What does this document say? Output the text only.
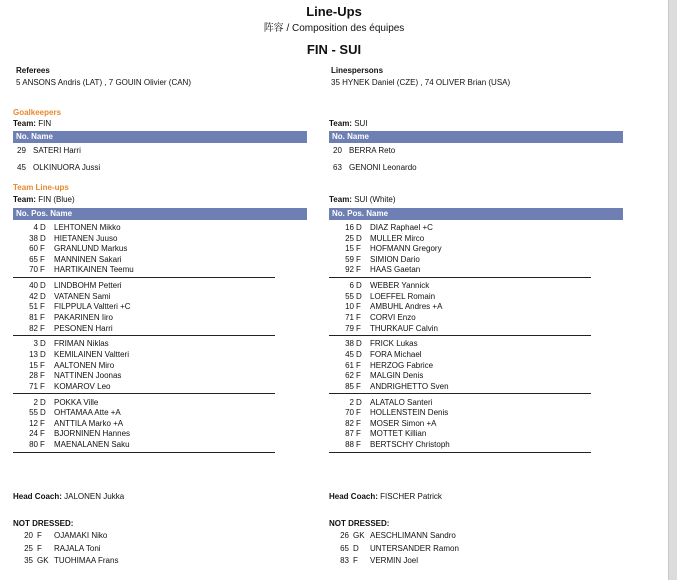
Line-Ups
阵容 / Composition des équipes
FIN - SUI
Referees
5 ANSONS Andris (LAT) , 7 GOUIN Olivier (CAN)
Linespersons
35 HYNEK Daniel (CZE) , 74 OLIVER Brian (USA)
Goalkeepers
Team: FIN
No. Name
29 SATERI Harri
45 OLKINUORA Jussi
Team: SUI
No. Name
20 BERRA Reto
63 GENONI Leonardo
Team Line-ups
Team: FIN (Blue)
No. Pos. Name
4 D LEHTONEN Mikko
38 D HIETANEN Juuso
60 F GRANLUND Markus
65 F MANNINEN Sakari
70 F HARTIKAINEN Teemu
40 D LINDBOHM Petteri
42 D VATANEN Sami
51 F FILPPULA Valtteri +C
81 F PAKARINEN Iiro
82 F PESONEN Harri
3 D FRIMAN Niklas
13 D KEMILAINEN Valtteri
15 F AALTONEN Miro
28 F NATTINEN Joonas
71 F KOMAROV Leo
2 D POKKA Ville
55 D OHTAMAA Atte +A
12 F ANTTILA Marko +A
24 F BJORNINEN Hannes
80 F MAENALANEN Saku
Team: SUI (White)
No. Pos. Name
16 D DIAZ Raphael +C
25 D MULLER Mirco
15 F HOFMANN Gregory
59 F SIMION Dario
92 F HAAS Gaetan
6 D WEBER Yannick
55 D LOEFFEL Romain
10 F AMBUHL Andres +A
71 F CORVI Enzo
79 F THURKAUF Calvin
38 D FRICK Lukas
45 D FORA Michael
61 F HERZOG Fabrice
62 F MALGIN Denis
85 F ANDRIGHETTO Sven
2 D ALATALO Santeri
70 F HOLLENSTEIN Denis
82 F MOSER Simon +A
87 F MOTTET Killian
88 F BERTSCHY Christoph
Head Coach: JALONEN Jukka	Head Coach: FISCHER Patrick
NOT DRESSED:
20 F OJAMAKI Niko
25 F RAJALA Toni
35 GK TUOHIMAA Frans
NOT DRESSED:
26 GK AESCHLIMANN Sandro
65 D UNTERSANDER Ramon
83 F VERMIN Joel
